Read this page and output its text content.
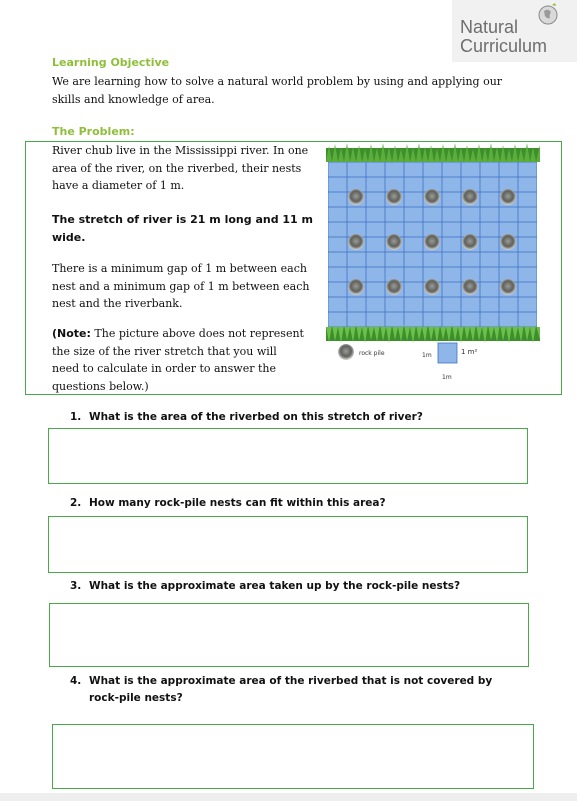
Natural
Curriculum

Learning Objective

We are learning how to solve a natural world problem by using and applying our

skills and knowledge of area.

The Problem:

River chub live in the Mississippi river. In one
area of the river, on the riverbed, their nests
have a diameter of 1 m.
The stretch of river is 21 m long and 11 m
wide.
There is a minimum gap of 1 m between each
nest and a minimum gap of 1 m between each
nest and the riverbank.
(Note: The picture above does not represent
the size of the river stretch that you will
need to calculate in order to answer the
questions below.)
rock pile	1m
1m
1 m²
1. What is the area of the riverbed on this stretch of river?
2. How many rock-pile nests can fit within this area?
3. What is the approximate area taken up by the rock-pile nests?
4. What is the approximate area of the riverbed that is not covered by
rock-pile nests?
